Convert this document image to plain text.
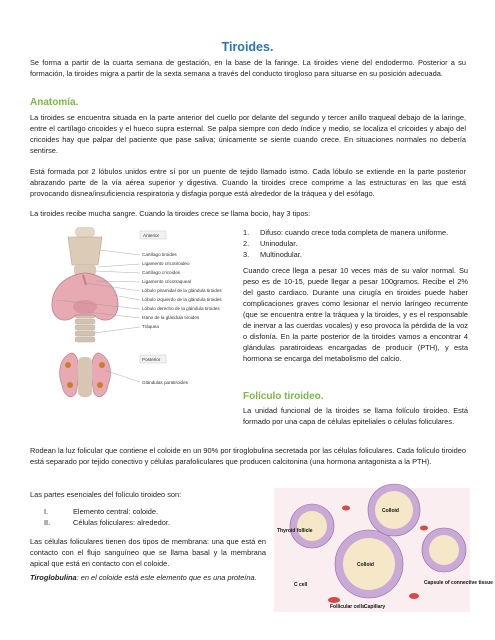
Tiroides.

Se forma a partir de la cuarta semana de gestación, en la base de la faringe. La tiroides viene del endodermo. Posterior a su formación, la tiroides migra a partir de la sexta semana a través del conducto tirogloso para situarse en su posición adecuada.

Anatomía.

La tiroides se encuentra situada en la parte anterior del cuello por delante del segundo y tercer anillo traqueal debajo de la laringe, entre el cartílago cricoides y el hueco supra esternal. Se palpa siempre con dedo índice y medio, se localiza el cricoides y abajo del cricoides hay que palpar del paciente que pase saliva; únicamente se siente cuando crece. En situaciones normales no debería sentirse.

Está formada por 2 lóbulos unidos entre sí por un puente de tejido llamado istmo. Cada lóbulo se extiende en la parte posterior abrazando parte de la vía aérea superior y digestiva. Cuando la tiroides crece comprime a las estructuras en las que está provocando disnea/insuficiencia respiratoria y disfagia porque está alrededor de la tráquea y del esófago.

La tiroides recibe mucha sangre. Cuando la tiroides crece se llama bocio, hay 3 tipos:

Anterior
Cartílago tiroides
Ligamento cricotiroideo
Cartílago cricoides
Ligamento cricotraqueal
Lóbulo piramidal de la glándula tiroides
Lóbulo izquierdo de la glándula tiroides
Lóbulo derecho de la glándula tiroides
Istmo de la glándula tiroides
Tráquea
Posterior
Glándulas paratiroides
1. Difuso: cuando crece toda completa de manera uniforme.
2. Uninodular.
3. Multinodular.

Cuando crece llega a pesar 10 veces más de su valor normal. Su peso es de 10-15, puede llegar a pesar 100gramos. Recibe el 2% del gasto cardiaco. Durante una cirugía en tiroides puede haber complicaciones graves como lesionar el nervio laríngeo recurrente (que se encuentra entre la tráquea y la tiroides, y es el responsable de inervar a las cuerdas vocales) y eso provoca la pérdida de la voz o disfonía. En la parte posterior de la tiroides vamos a encontrar 4 glándulas paratiroideas encargadas de producir (PTH), y esta hormona se encarga del metabolismo del calcio.

Folículo tiroideo.

La unidad funcional de la tiroides se llama folículo tiroideo. Está formado por una capa de células epiteliales o células foliculares.

Rodean la luz folicular que contiene el coloide en un 90% por tiroglobulina secretada por las células foliculares. Cada folículo tiroideo está separado por tejido conectivo y células parafoliculares que producen calcitonina (una hormona antagonista a la PTH).

Las partes esenciales del folículo tiroideo son:

I.	Elemento central: coloide.
II.	Células foliculares: alrededor.

Las células foliculares tienen dos tipos de membrana: una que está en contacto con el flujo sanguíneo que se llama basal y la membrana apical que está en contacto con el coloide.

Tiroglobulina: en el coloide está este elemento que es una proteína.
Thyroid follicle
Colloid
Colloid
C cell
Follicular cells Capillary
Capsule of connective tissue
